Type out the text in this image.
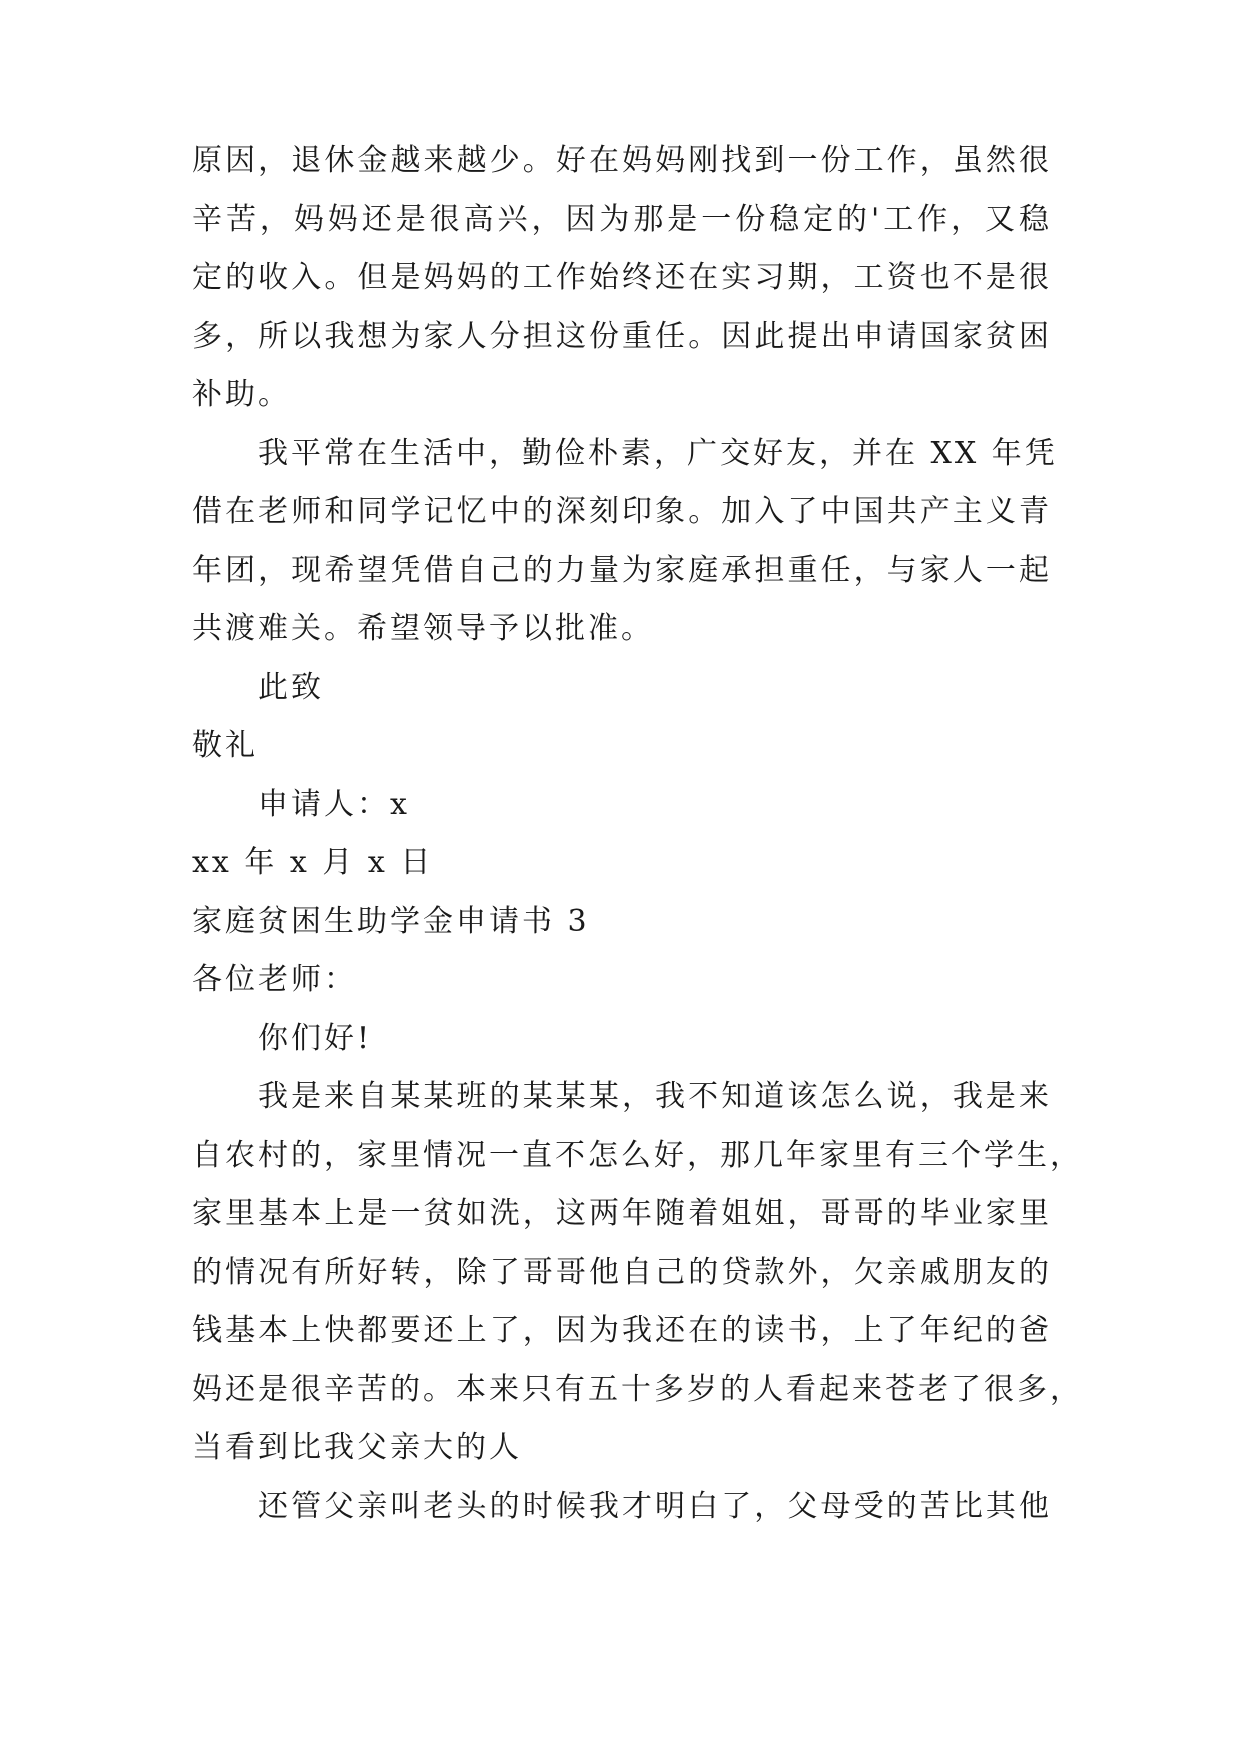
原因，退休金越来越少。好在妈妈刚找到一份工作，虽然很
辛苦，妈妈还是很高兴，因为那是一份稳定的'工作，又稳
定的收入。但是妈妈的工作始终还在实习期，工资也不是很
多，所以我想为家人分担这份重任。因此提出申请国家贫困
补助。
我平常在生活中，勤俭朴素，广交好友，并在 XX 年凭
借在老师和同学记忆中的深刻印象。加入了中国共产主义青
年团，现希望凭借自己的力量为家庭承担重任，与家人一起
共渡难关。希望领导予以批准。
此致
敬礼
申请人：x
xx 年 x 月 x 日
家庭贫困生助学金申请书 3
各位老师：
你们好!
我是来自某某班的某某某，我不知道该怎么说，我是来
自农村的，家里情况一直不怎么好，那几年家里有三个学生，
家里基本上是一贫如洗，这两年随着姐姐，哥哥的毕业家里
的情况有所好转，除了哥哥他自己的贷款外，欠亲戚朋友的
钱基本上快都要还上了，因为我还在的读书，上了年纪的爸
妈还是很辛苦的。本来只有五十多岁的人看起来苍老了很多，
当看到比我父亲大的人
还管父亲叫老头的时候我才明白了，父母受的苦比其他
